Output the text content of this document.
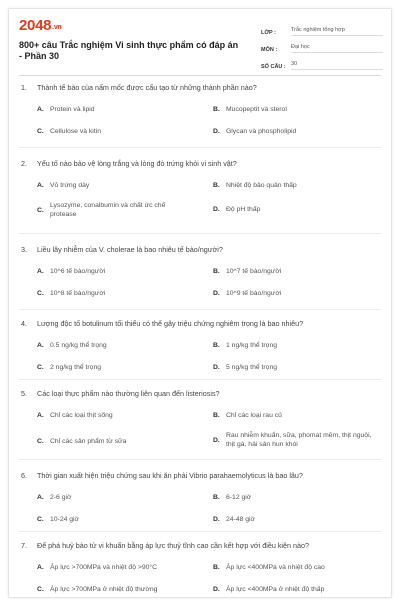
2048.vn
800+ câu Trắc nghiệm Vi sinh thực phẩm có đáp án - Phần 30
LỚP :	Trắc nghiệm tổng hợp
MÔN :	Đại học
SỐ CÂU : 30
1. Thành tế bào của nấm mốc được cấu tạo từ những thành phần nào?
A. Protein và lipid	B. Mucopeptit và sterol
C. Cellulose và kitin	D. Glycan và phospholipid
2. Yếu tố nào bảo vệ lòng trắng và lòng đỏ trứng khỏi vi sinh vật?
A. Vỏ trứng dày	B. Nhiệt độ bảo quản thấp
C.
Lysozyme, conalbumin và chất ức chế protease
D. Độ pH thấp
3. Liều lây nhiễm của V. cholerae là bao nhiêu tế bào/người?
A. 10^6 tế bào/người	B. 10^7 tế bào/người
C. 10^8 tế bào/người	D. 10^9 tế bào/người
4. Lượng độc tố botulinum tối thiểu có thể gây triệu chứng nghiêm trọng là bao nhiêu?
A. 0.5 ng/kg thể trọng	B. 1 ng/kg thể trọng
C. 2 ng/kg thể trọng	D. 5 ng/kg thể trọng
5. Các loại thực phẩm nào thường liên quan đến listeriosis?
A. Chỉ các loại thịt sống	B. Chỉ các loại rau củ
C. Chỉ các sản phẩm từ sữa	D.
Rau nhiễm khuẩn, sữa, phomat mềm, thịt nguội, thịt gà, hải sản hun khói
6. Thời gian xuất hiện triệu chứng sau khi ăn phải Vibrio parahaemolyticus là bao lâu?
A. 2-6 giờ	B. 6-12 giờ
C. 10-24 giờ	D. 24-48 giờ
7. Để phá huỷ bào tử vi khuẩn bằng áp lực thuỷ tĩnh cao cần kết hợp với điều kiện nào?
A. Áp lực >700MPa và nhiệt độ >90°C	B. Áp lực <400MPa và nhiệt độ cao
C. Áp lực >700MPa ở nhiệt độ thường	D. Áp lực <400MPa ở nhiệt độ thấp
